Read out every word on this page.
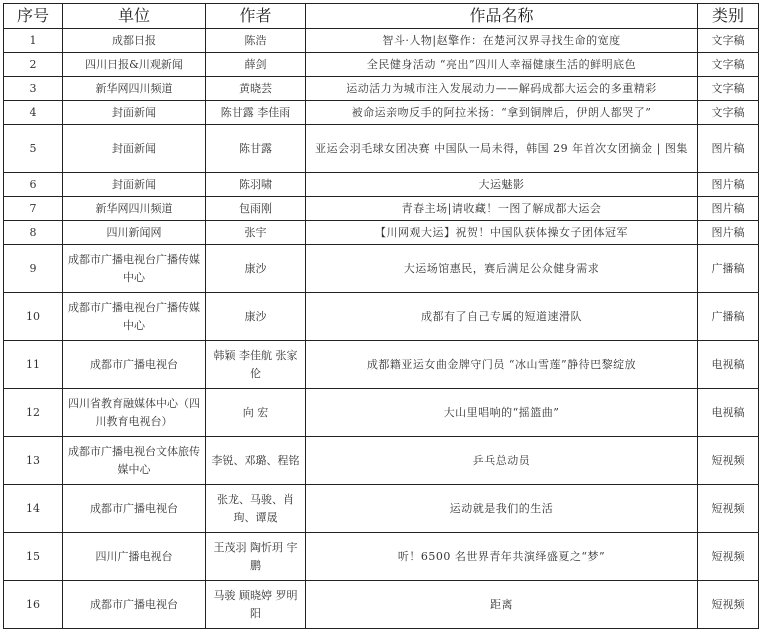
序号	单位	作者	作品名称	类别
1	成都日报	陈浩	智斗·人物|赵擎作：在楚河汉界寻找生命的宽度	文字稿
2	四川日报&川观新闻	薛剑	全民健身活动 “亮出”四川人幸福健康生活的鲜明底色	文字稿
3	新华网四川频道	黄晓芸	运动活力为城市注入发展动力——解码成都大运会的多重精彩	文字稿
4	封面新闻	陈甘露 李佳雨	被命运亲吻反手的阿拉米扬：“拿到铜牌后，伊朗人都哭了”	文字稿
5	封面新闻	陈甘露	亚运会羽毛球女团决赛 中国队一局未得，韩国 29 年首次女团摘金 | 图集	图片稿
6	封面新闻	陈羽啸	大运魅影	图片稿
7	新华网四川频道	包雨刚	青春主场|请收藏！一图了解成都大运会	图片稿
8	四川新闻网	张宇	【川网观大运】祝贺！中国队获体操女子团体冠军	图片稿
9	成都市广播电视台广播传媒中心	康沙	大运场馆惠民，赛后满足公众健身需求	广播稿
10	成都市广播电视台广播传媒中心	康沙	成都有了自己专属的短道速滑队	广播稿
11	成都市广播电视台	韩颖 李佳航 张家伦	成都籍亚运女曲金牌守门员 “冰山雪莲”静待巴黎绽放	电视稿
12	四川省教育融媒体中心（四川教育电视台）	向 宏	大山里唱响的“摇篮曲”	电视稿
13	成都市广播电视台文体旅传媒中心	李锐、邓璐、程铭	乒乓总动员	短视频
14	成都市广播电视台	张龙、马骏、肖珣、谭晟	运动就是我们的生活	短视频
15	四川广播电视台	王茂羽 陶忻玥 宇鹏	听！6500 名世界青年共演绎盛夏之“梦”	短视频
16	成都市广播电视台	马骏 顾晓婷 罗明阳	距离	短视频
